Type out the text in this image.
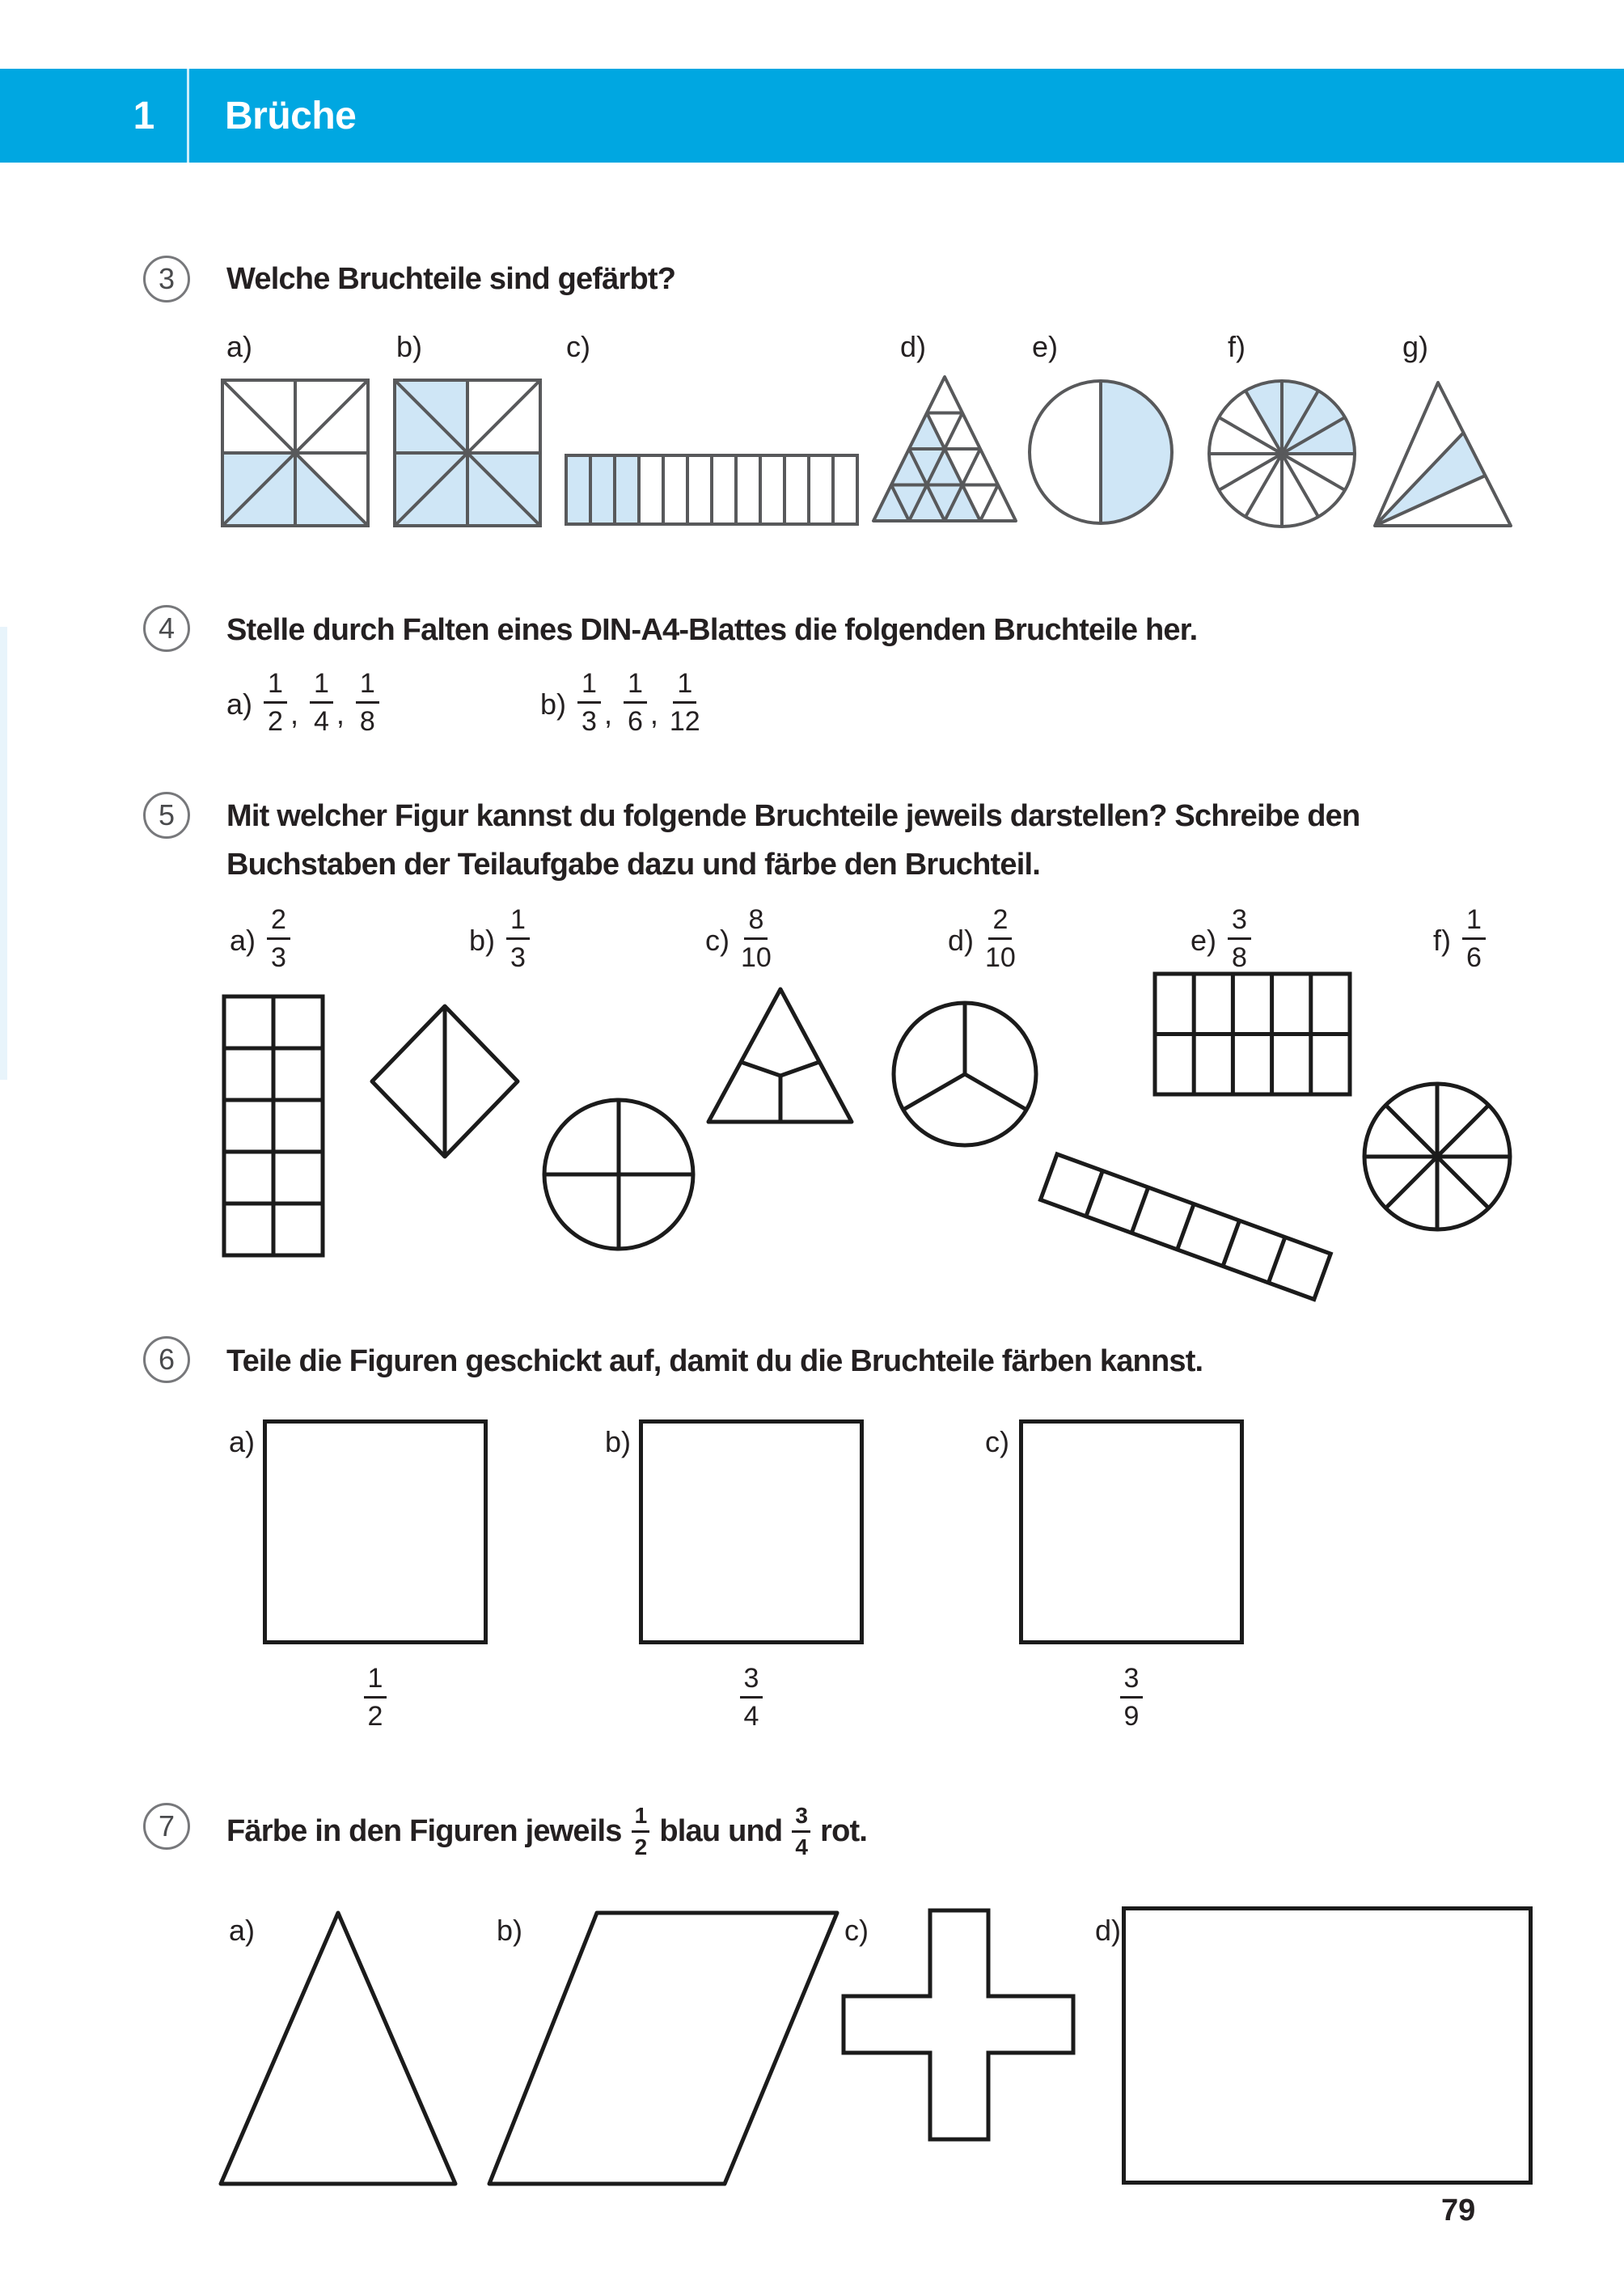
1	Brüche
3 Welche Bruchteile sind gefärbt?
a)	b)	c)	d)	e)	f)	g)
4 Stelle durch Falten eines DIN-A4-Blattes die folgenden Bruchteile her.
$a) \frac{1}{2}$ , $\frac{1}{4}$ , $\frac{1}{8}$	$b) \frac{1}{3}$ , $\frac{1}{6}$ , $\frac{1}{12}$
5 Mit welcher Figur kannst du folgende Bruchteile jeweils darstellen? Schreibe den
Buchstaben der Teilaufgabe dazu und färbe den Bruchteil.
$a) \frac{2}{3}$	$b) \frac{1}{3}$	$c) \frac{8}{10}$	$d) \frac{2}{10}$	$e) \frac{3}{8}$	$f) \frac{1}{6}$
6 Teile die Figuren geschickt auf, damit du die Bruchteile färben kannst.
a)	b)	c)
$\frac{1}{2}$	$\frac{3}{4}$	$\frac{3}{9}$
7 Färbe in den Figuren jeweils $\frac{1}{2}$ blau und $\frac{3}{4}$ rot.
a)	b)	c)	d)
79
